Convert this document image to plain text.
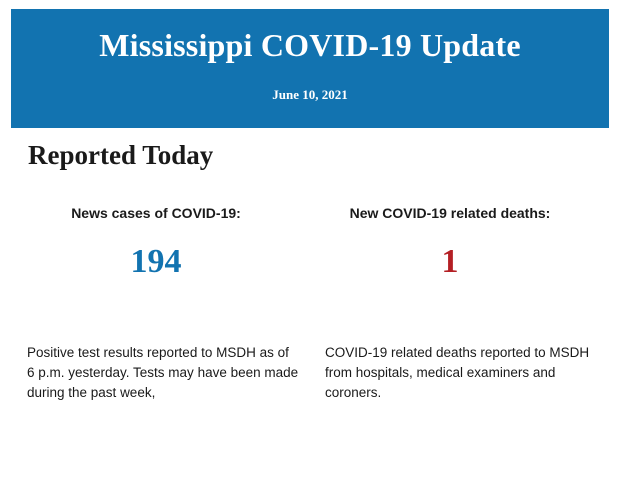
Mississippi COVID-19 Update
June 10, 2021
Reported Today
News cases of COVID-19:
194
New COVID-19 related deaths:
1
Positive test results reported to MSDH as of 6 p.m. yesterday. Tests may have been made during the past week,
COVID-19 related deaths reported to MSDH from hospitals, medical examiners and coroners.
